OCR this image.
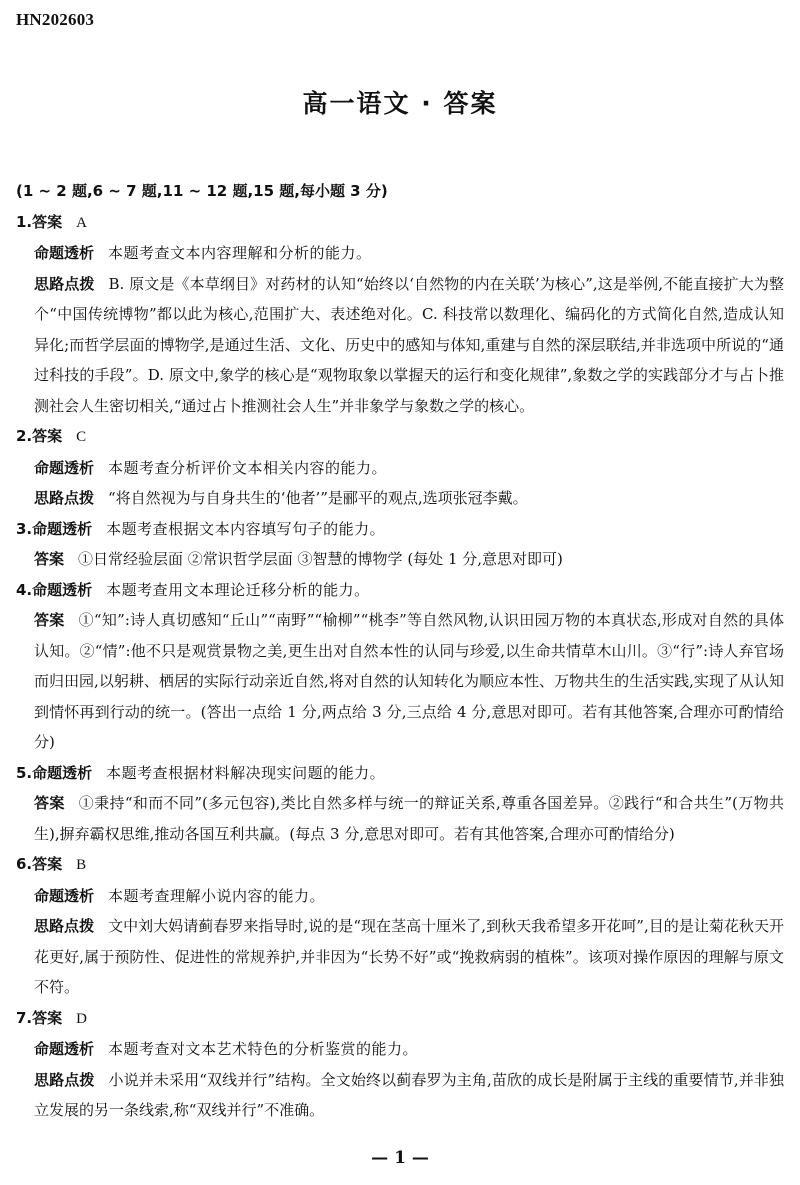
HN202603
高一语文 · 答案
(1 ~ 2 题,6 ~ 7 题,11 ~ 12 题,15 题,每小题 3 分)
1.答案 A
命题透析 本题考查文本内容理解和分析的能力。
思路点拨 B. 原文是《本草纲目》对药材的认知“始终以‘自然物的内在关联’为核心”,这是举例,不能直接扩大为整个“中国传统博物”都以此为核心,范围扩大、表述绝对化。C. 科技常以数理化、编码化的方式简化自然,造成认知异化;而哲学层面的博物学,是通过生活、文化、历史中的感知与体知,重建与自然的深层联结,并非选项中所说的“通过科技的手段”。D. 原文中,象学的核心是“观物取象以掌握天的运行和变化规律”,象数之学的实践部分才与占卜推测社会人生密切相关,“通过占卜推测社会人生”并非象学与象数之学的核心。
2.答案 C
命题透析 本题考查分析评价文本相关内容的能力。
思路点拨 “将自然视为与自身共生的‘他者’”是郦平的观点,选项张冠李戴。
3.命题透析 本题考查根据文本内容填写句子的能力。
答案 ①日常经验层面 ②常识哲学层面 ③智慧的博物学 (每处 1 分,意思对即可)
4.命题透析 本题考查用文本理论迁移分析的能力。
答案 ①“知”:诗人真切感知“丘山”“南野”“榆柳”“桃李”等自然风物,认识田园万物的本真状态,形成对自然的具体认知。②“情”:他不只是观赏景物之美,更生出对自然本性的认同与珍爱,以生命共情草木山川。③“行”:诗人弃官场而归田园,以躬耕、栖居的实际行动亲近自然,将对自然的认知转化为顺应本性、万物共生的生活实践,实现了从认知到情怀再到行动的统一。(答出一点给 1 分,两点给 3 分,三点给 4 分,意思对即可。若有其他答案,合理亦可酌情给分)
5.命题透析 本题考查根据材料解决现实问题的能力。
答案 ①秉持“和而不同”(多元包容),类比自然多样与统一的辩证关系,尊重各国差异。②践行“和合共生”(万物共生),摒弃霸权思维,推动各国互利共赢。(每点 3 分,意思对即可。若有其他答案,合理亦可酌情给分)
6.答案 B
命题透析 本题考查理解小说内容的能力。
思路点拨 文中刘大妈请蓟春罗来指导时,说的是“现在茎高十厘米了,到秋天我希望多开花呵”,目的是让菊花秋天开花更好,属于预防性、促进性的常规养护,并非因为“长势不好”或“挽救病弱的植株”。该项对操作原因的理解与原文不符。
7.答案 D
命题透析 本题考查对文本艺术特色的分析鉴赏的能力。
思路点拨 小说并未采用“双线并行”结构。全文始终以蓟春罗为主角,苗欣的成长是附属于主线的重要情节,并非独立发展的另一条线索,称“双线并行”不准确。
— 1 —
